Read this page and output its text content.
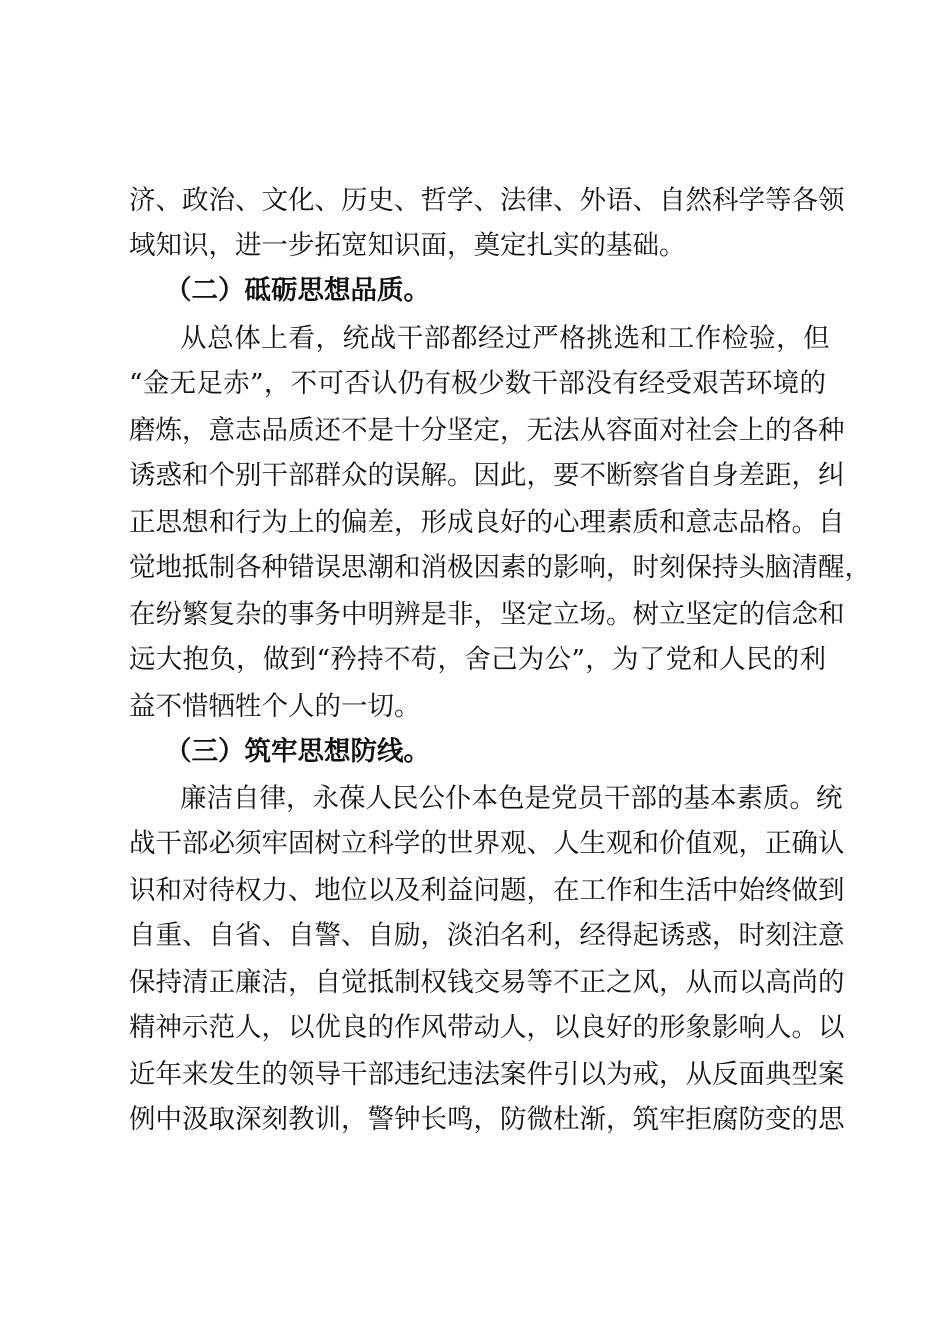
济 、 政 治 、 文 化 、 历 史 、 哲 学 、 法 律 、 外 语 、 自 然 科 学 等 各 领
域知识，进一步拓宽知识面，奠定扎实的基础。
（二）砥砺思想品质。
从 总 体 上 看 ， 统 战 干 部 都 经 过 严 格 挑 选 和 工 作 检 验 ， 但
“ 金 无 足 赤 ” ， 不 可 否 认 仍 有 极 少 数 干 部 没 有 经 受 艰 苦 环 境 的
磨 炼 ， 意 志 品 质 还 不 是 十 分 坚 定 ， 无 法 从 容 面 对 社 会 上 的 各 种
诱 惑 和 个 别 干 部 群 众 的 误 解 。 因 此 ， 要 不 断 察 省 自 身 差 距 ， 纠
正 思 想 和 行 为 上 的 偏 差 ， 形 成 良 好 的 心 理 素 质 和 意 志 品 格 。 自
觉 地 抵 制 各 种 错 误 思 潮 和 消 极 因 素 的 影 响 ， 时 刻 保 持 头 脑 清 醒 ，
在 纷 繁 复 杂 的 事 务 中 明 辨 是 非 ， 坚 定 立 场 。 树 立 坚 定 的 信 念 和
远 大 抱 负 ， 做 到 “ 矜 持 不 苟 ， 舍 己 为 公 ” ， 为 了 党 和 人 民 的 利
益不惜牺牲个人的一切。
（三）筑牢思想防线。
廉 洁 自 律 ， 永 葆 人 民 公 仆 本 色 是 党 员 干 部 的 基 本 素 质 。 统
战 干 部 必 须 牢 固 树 立 科 学 的 世 界 观 、 人 生 观 和 价 值 观 ， 正 确 认
识 和 对 待 权 力 、 地 位 以 及 利 益 问 题 ， 在 工 作 和 生 活 中 始 终 做 到
自 重 、 自 省 、 自 警 、 自 励 ， 淡 泊 名 利 ， 经 得 起 诱 惑 ， 时 刻 注 意
保 持 清 正 廉 洁 ， 自 觉 抵 制 权 钱 交 易 等 不 正 之 风 ， 从 而 以 高 尚 的
精 神 示 范 人 ， 以 优 良 的 作 风 带 动 人 ， 以 良 好 的 形 象 影 响 人 。 以
近 年 来 发 生 的 领 导 干 部 违 纪 违 法 案 件 引 以 为 戒 ， 从 反 面 典 型 案
例 中 汲 取 深 刻 教 训 ， 警 钟 长 鸣 ， 防 微 杜 渐 ， 筑 牢 拒 腐 防 变 的 思
